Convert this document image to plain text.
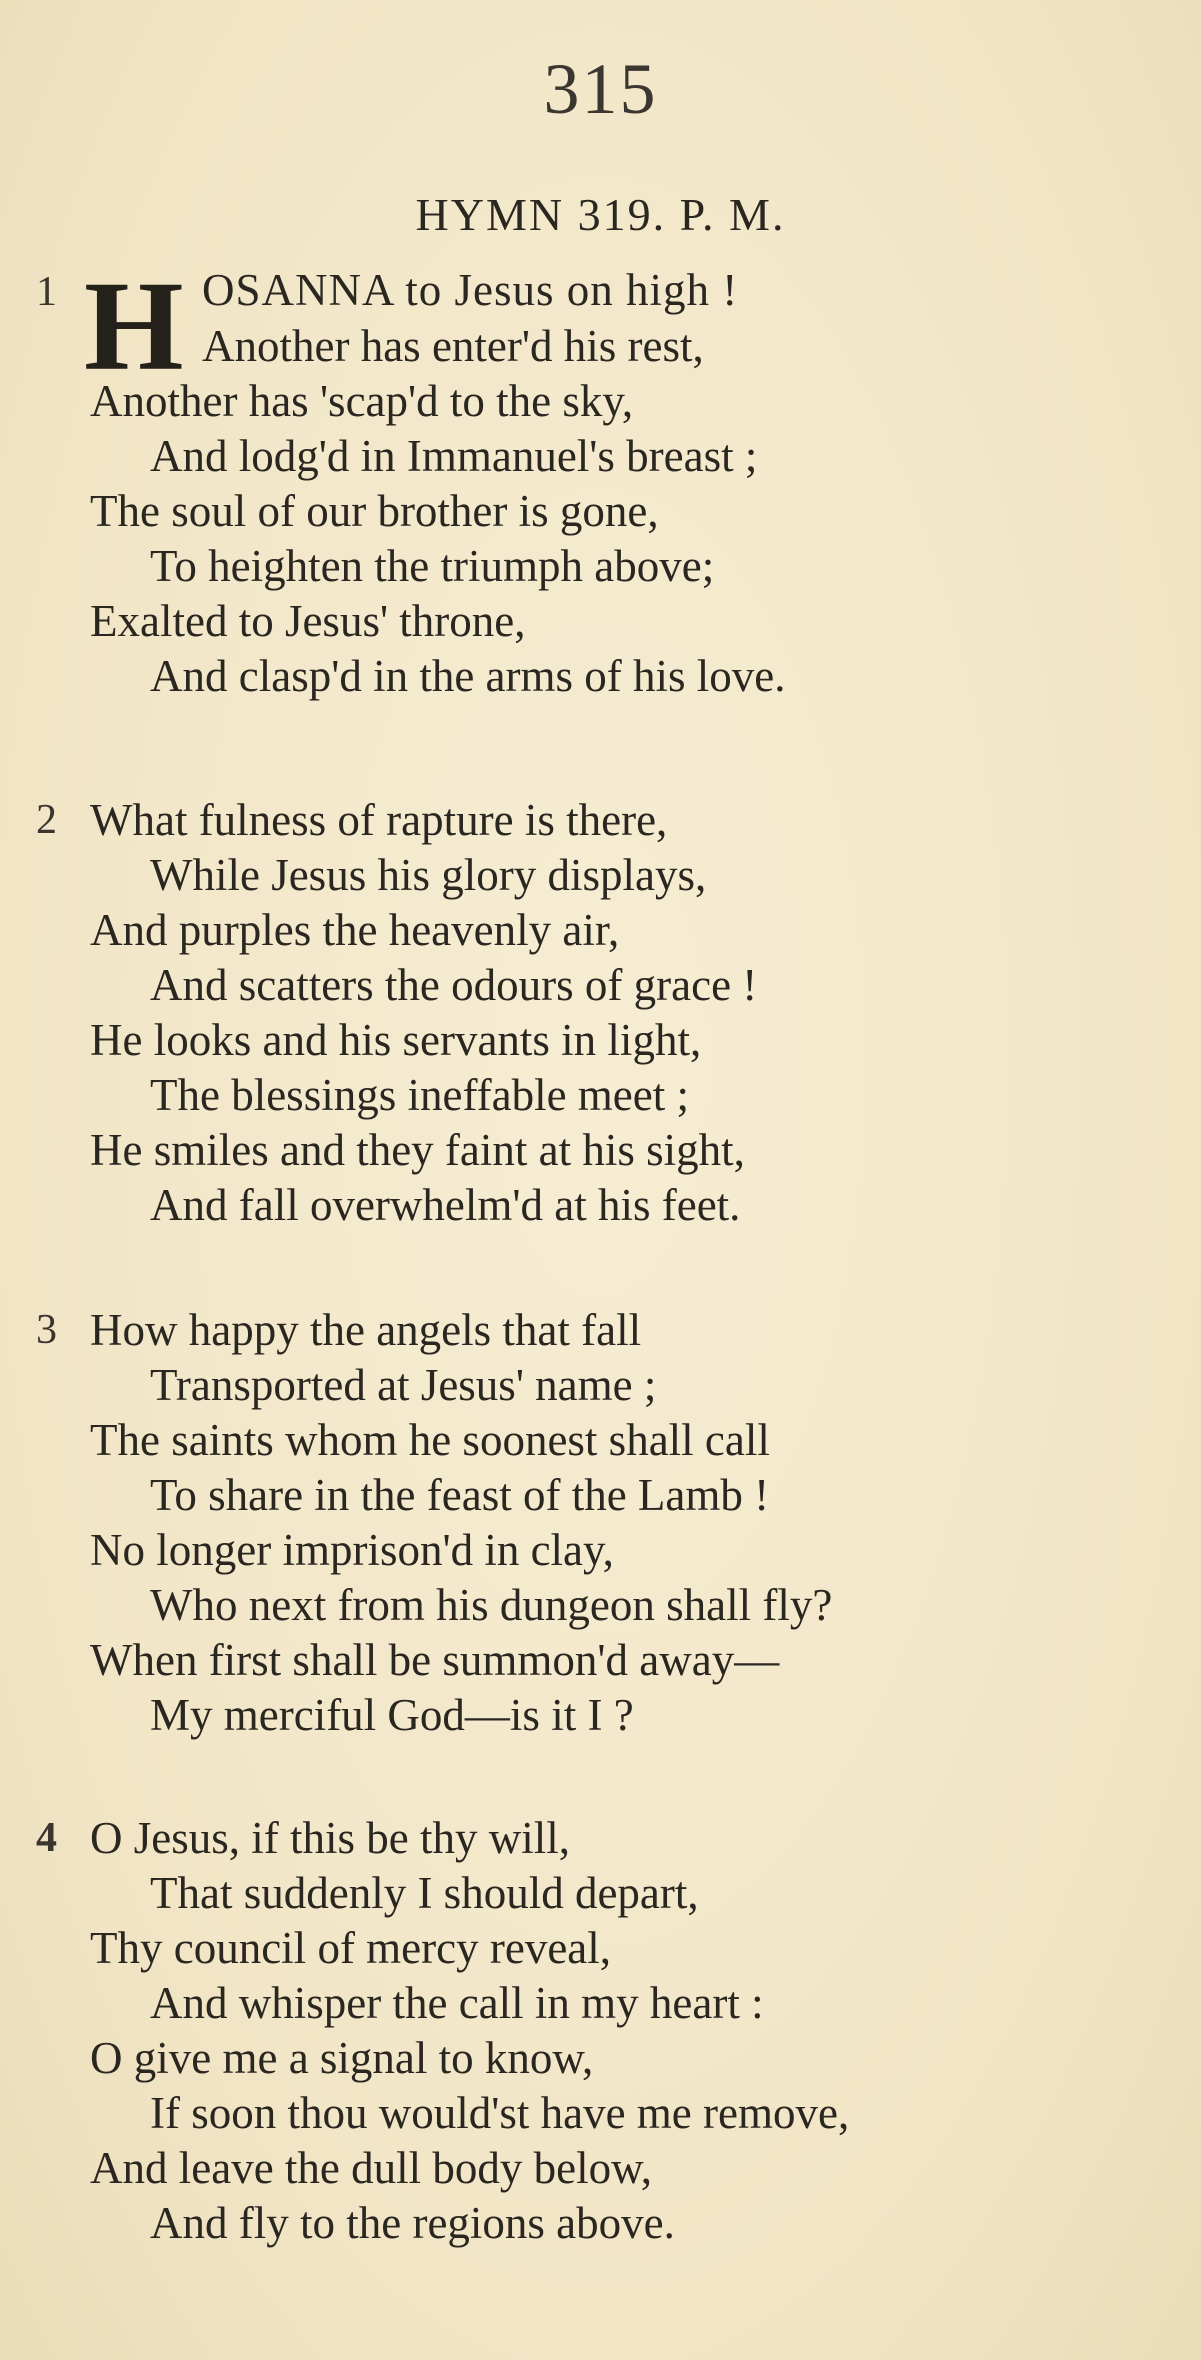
315
HYMN 319. P. M.
1 H OSANNA to Jesus on high !
Another has enter'd his rest,
Another has 'scap'd to the sky,
And lodg'd in Immanuel's breast ;
The soul of our brother is gone,
To heighten the triumph above;
Exalted to Jesus' throne,
And clasp'd in the arms of his love.
2 What fulness of rapture is there,
While Jesus his glory displays,
And purples the heavenly air,
And scatters the odours of grace !
He looks and his servants in light,
The blessings ineffable meet ;
He smiles and they faint at his sight,
And fall overwhelm'd at his feet.
3 How happy the angels that fall
Transported at Jesus' name ;
The saints whom he soonest shall call
To share in the feast of the Lamb !
No longer imprison'd in clay,
Who next from his dungeon shall fly?
When first shall be summon'd away—
My merciful God—is it I ?
4 O Jesus, if this be thy will,
That suddenly I should depart,
Thy council of mercy reveal,
And whisper the call in my heart :
O give me a signal to know,
If soon thou would'st have me remove,
And leave the dull body below,
And fly to the regions above.
